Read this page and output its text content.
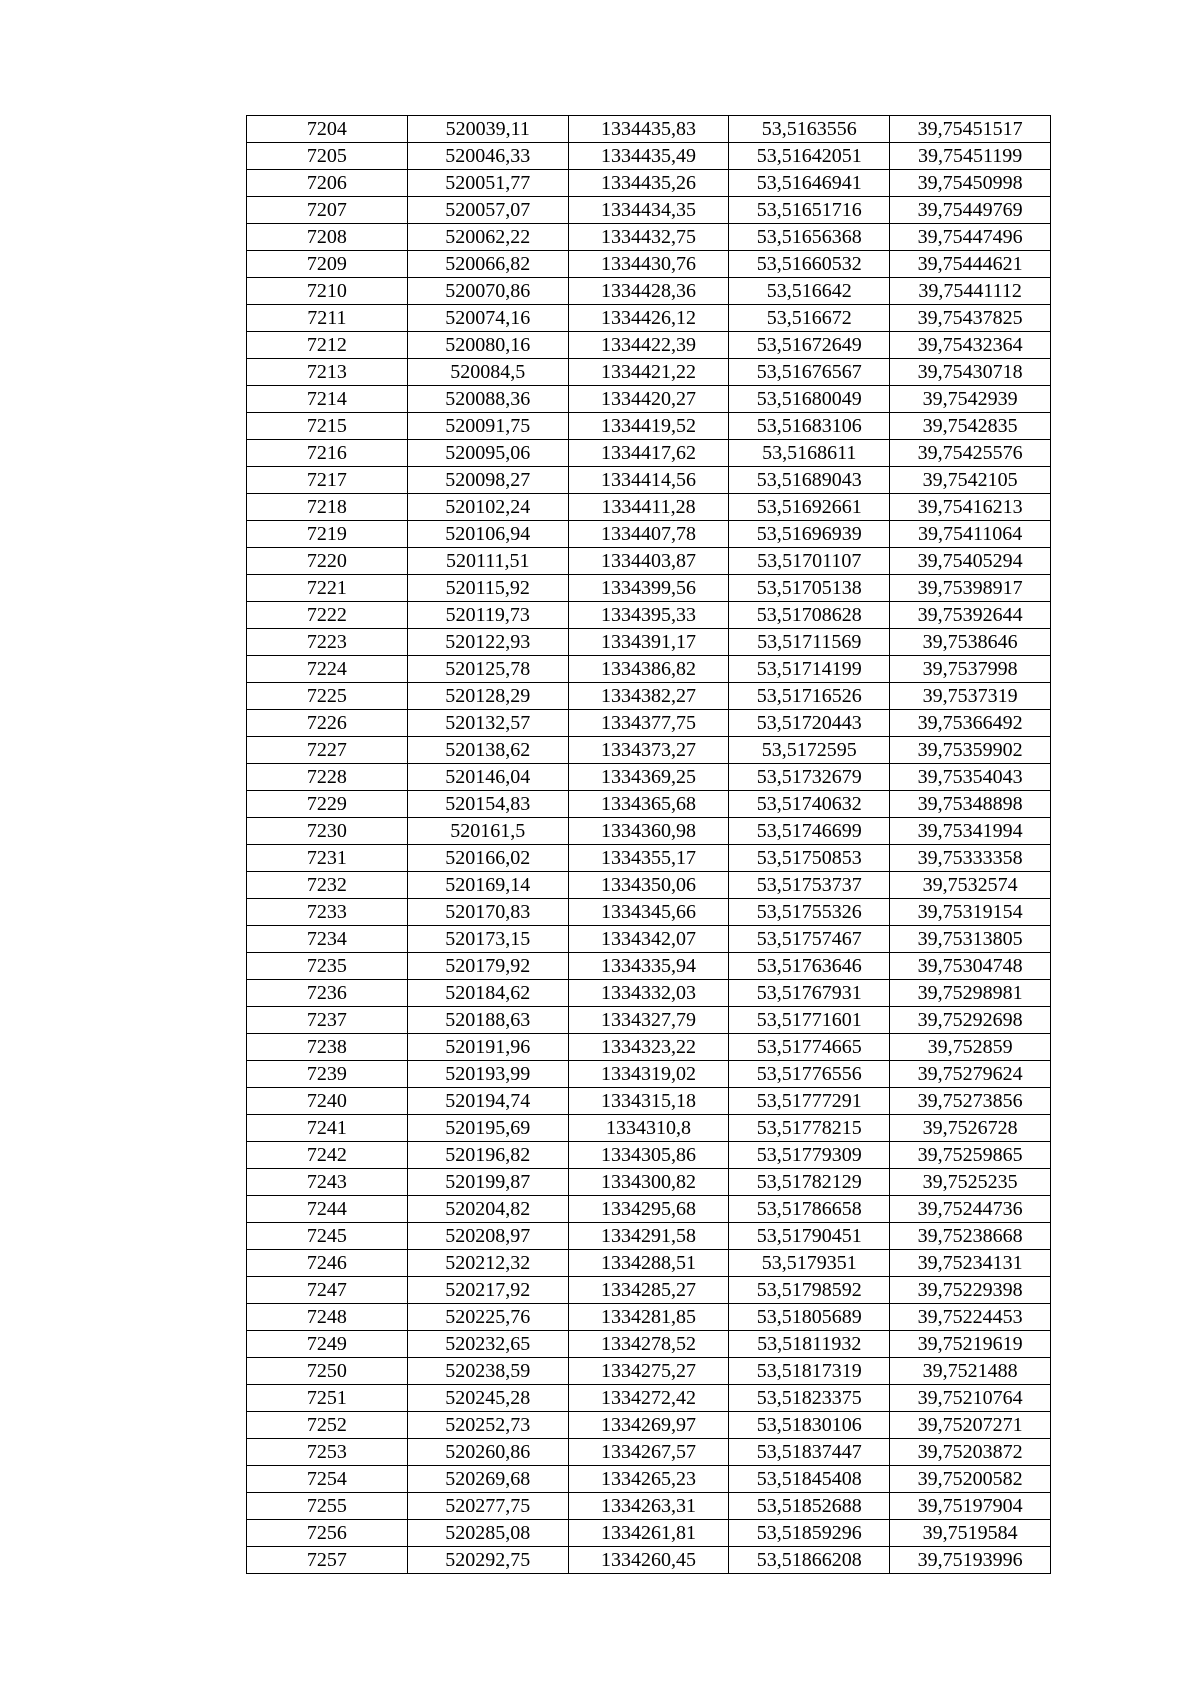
7204	520039,11	1334435,83	53,5163556	39,75451517
7205	520046,33	1334435,49	53,51642051	39,75451199
7206	520051,77	1334435,26	53,51646941	39,75450998
7207	520057,07	1334434,35	53,51651716	39,75449769
7208	520062,22	1334432,75	53,51656368	39,75447496
7209	520066,82	1334430,76	53,51660532	39,75444621
7210	520070,86	1334428,36	53,516642	39,75441112
7211	520074,16	1334426,12	53,516672	39,75437825
7212	520080,16	1334422,39	53,51672649	39,75432364
7213	520084,5	1334421,22	53,51676567	39,75430718
7214	520088,36	1334420,27	53,51680049	39,7542939
7215	520091,75	1334419,52	53,51683106	39,7542835
7216	520095,06	1334417,62	53,5168611	39,75425576
7217	520098,27	1334414,56	53,51689043	39,7542105
7218	520102,24	1334411,28	53,51692661	39,75416213
7219	520106,94	1334407,78	53,51696939	39,75411064
7220	520111,51	1334403,87	53,51701107	39,75405294
7221	520115,92	1334399,56	53,51705138	39,75398917
7222	520119,73	1334395,33	53,51708628	39,75392644
7223	520122,93	1334391,17	53,51711569	39,7538646
7224	520125,78	1334386,82	53,51714199	39,7537998
7225	520128,29	1334382,27	53,51716526	39,7537319
7226	520132,57	1334377,75	53,51720443	39,75366492
7227	520138,62	1334373,27	53,5172595	39,75359902
7228	520146,04	1334369,25	53,51732679	39,75354043
7229	520154,83	1334365,68	53,51740632	39,75348898
7230	520161,5	1334360,98	53,51746699	39,75341994
7231	520166,02	1334355,17	53,51750853	39,75333358
7232	520169,14	1334350,06	53,51753737	39,7532574
7233	520170,83	1334345,66	53,51755326	39,75319154
7234	520173,15	1334342,07	53,51757467	39,75313805
7235	520179,92	1334335,94	53,51763646	39,75304748
7236	520184,62	1334332,03	53,51767931	39,75298981
7237	520188,63	1334327,79	53,51771601	39,75292698
7238	520191,96	1334323,22	53,51774665	39,752859
7239	520193,99	1334319,02	53,51776556	39,75279624
7240	520194,74	1334315,18	53,51777291	39,75273856
7241	520195,69	1334310,8	53,51778215	39,7526728
7242	520196,82	1334305,86	53,51779309	39,75259865
7243	520199,87	1334300,82	53,51782129	39,7525235
7244	520204,82	1334295,68	53,51786658	39,75244736
7245	520208,97	1334291,58	53,51790451	39,75238668
7246	520212,32	1334288,51	53,5179351	39,75234131
7247	520217,92	1334285,27	53,51798592	39,75229398
7248	520225,76	1334281,85	53,51805689	39,75224453
7249	520232,65	1334278,52	53,51811932	39,75219619
7250	520238,59	1334275,27	53,51817319	39,7521488
7251	520245,28	1334272,42	53,51823375	39,75210764
7252	520252,73	1334269,97	53,51830106	39,75207271
7253	520260,86	1334267,57	53,51837447	39,75203872
7254	520269,68	1334265,23	53,51845408	39,75200582
7255	520277,75	1334263,31	53,51852688	39,75197904
7256	520285,08	1334261,81	53,51859296	39,7519584
7257	520292,75	1334260,45	53,51866208	39,75193996
